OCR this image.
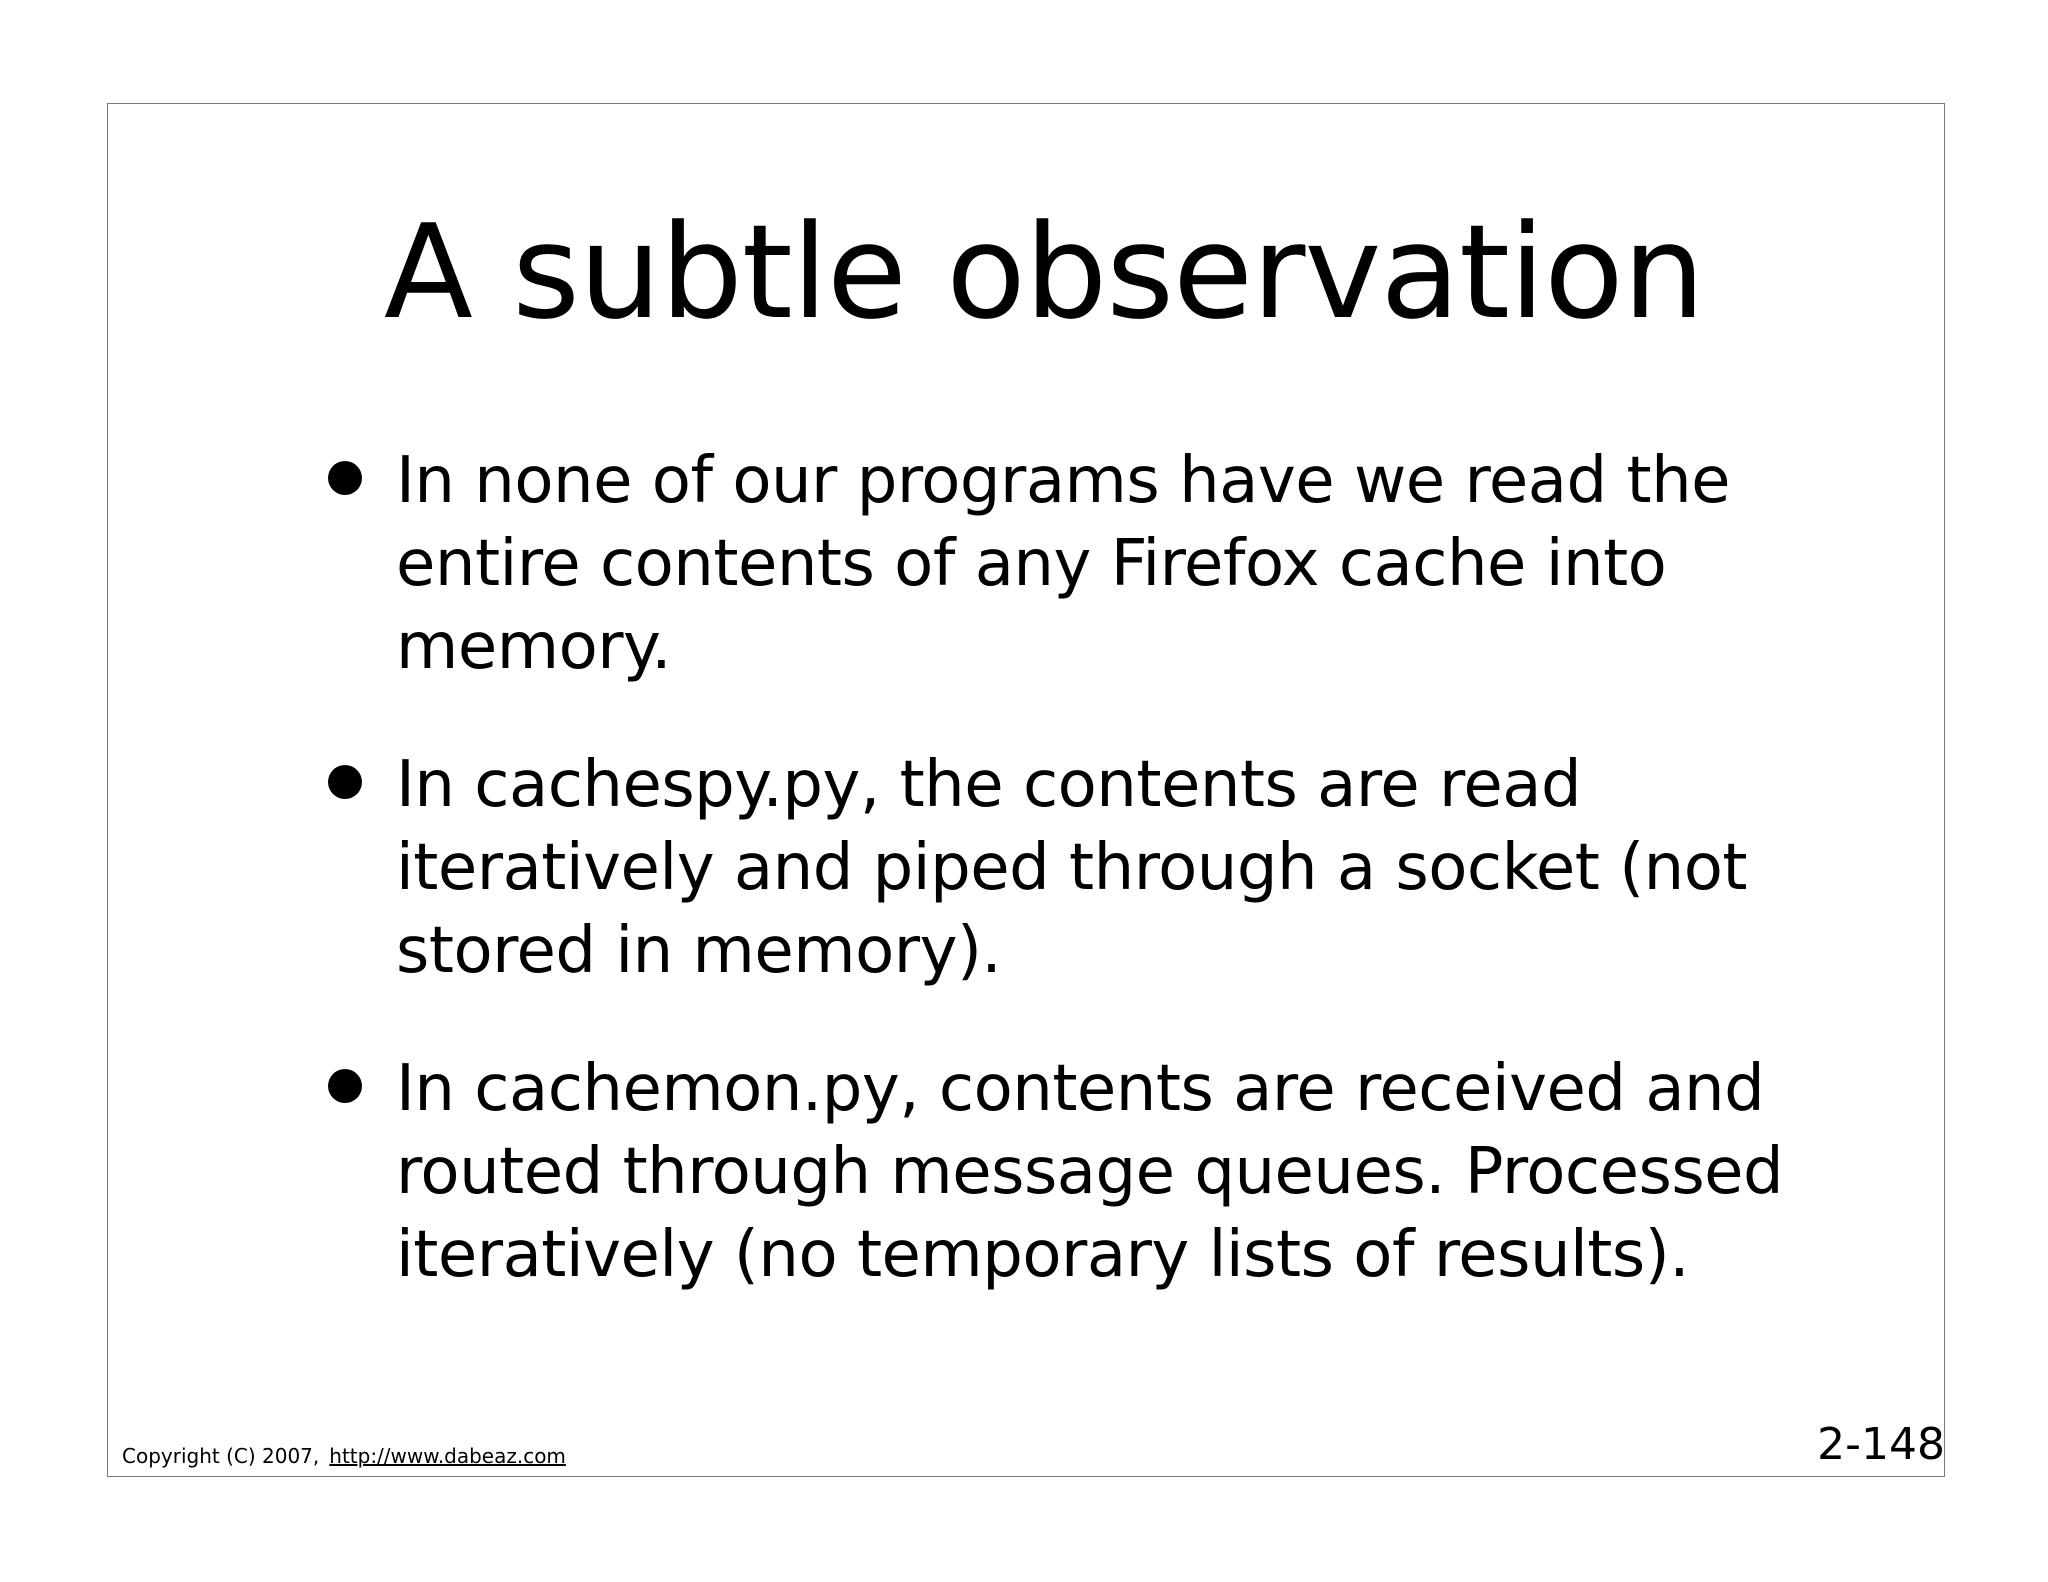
A subtle observation
In none of our programs have we read the entire contents of any Firefox cache into memory.
In cachespy.py, the contents are read iteratively and piped through a socket (not stored in memory).
In cachemon.py, contents are received and routed through message queues. Processed iteratively (no temporary lists of results).
Copyright (C) 2007, http://www.dabeaz.com	2-148
